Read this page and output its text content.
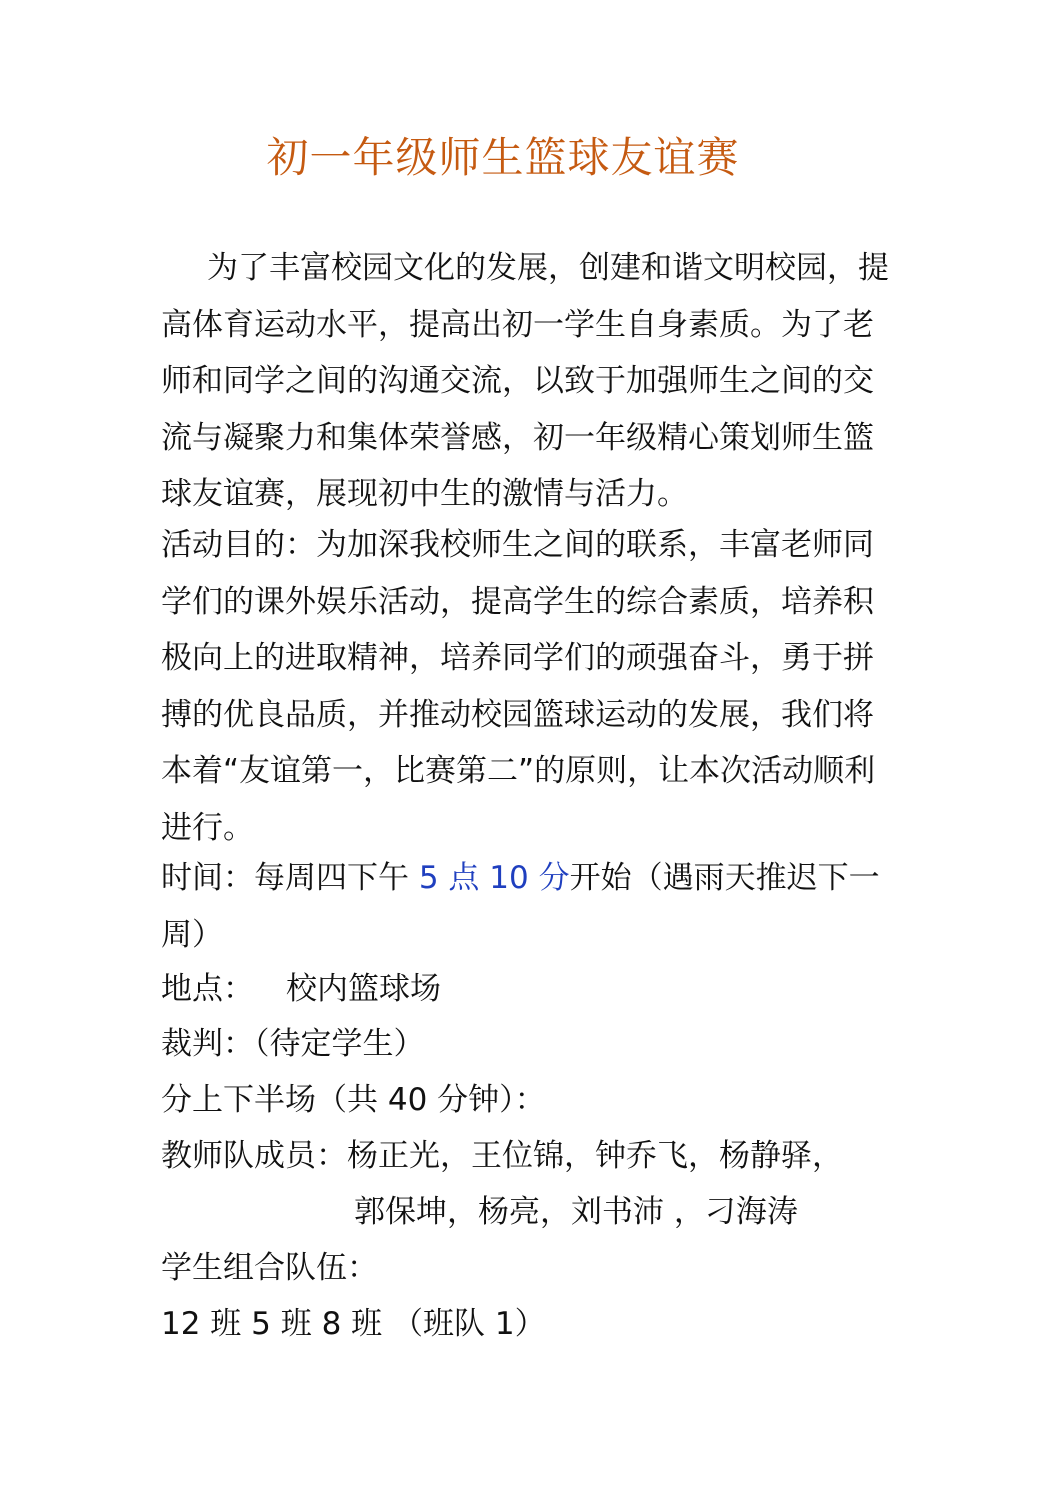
初一年级师生篮球友谊赛
为了丰富校园文化的发展，创建和谐文明校园，提高体育运动水平，提高出初一学生自身素质。为了老师和同学之间的沟通交流，以致于加强师生之间的交流与凝聚力和集体荣誉感，初一年级精心策划师生篮球友谊赛，展现初中生的激情与活力。
活动目的：为加深我校师生之间的联系，丰富老师同学们的课外娱乐活动，提高学生的综合素质，培养积极向上的进取精神，培养同学们的顽强奋斗，勇于拼搏的优良品质，并推动校园篮球运动的发展，我们将本着“友谊第一，比赛第二”的原则，让本次活动顺利进行。
时间：每周四下午 5 点 10 分开始（遇雨天推迟下一周）
地点： 校内篮球场
裁判：（待定学生）
分上下半场（共 40 分钟）：
教师队成员：杨正光，王位锦，钟乔飞，杨静驿，
郭保坤，杨亮，刘书沛 ，刁海涛
学生组合队伍：
12 班 5 班 8 班 （班队 1）
